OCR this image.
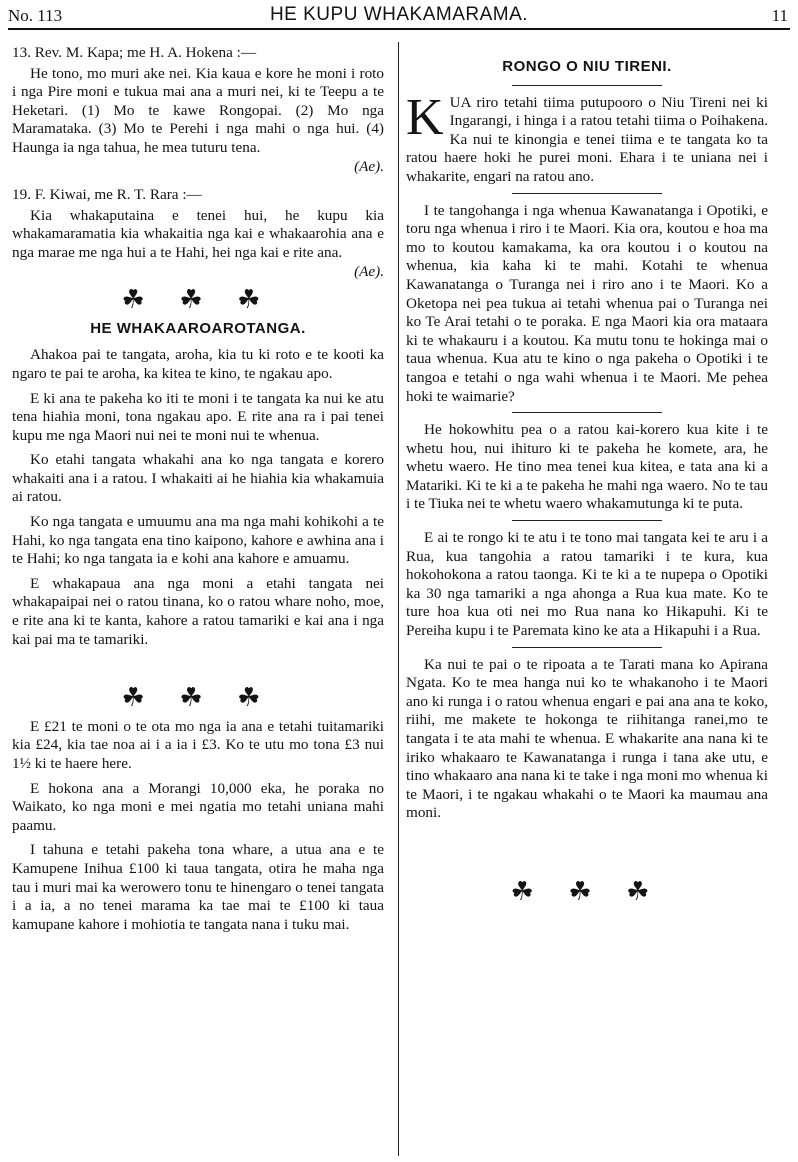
No. 113	HE KUPU WHAKAMARAMA.	11

13. Rev. M. Kapa; me H. A. Hokena :—

He tono, mo muri ake nei. Kia kaua e kore he moni i roto i nga Pire moni e tukua mai ana a muri nei, ki te Teepu a te Heketari. (1) Mo te kawe Rongopai. (2) Mo nga Maramataka. (3) Mo te Perehi i nga mahi o nga hui. (4) Haunga ia nga tahua, he mea tuturu tena.

(Ae).

19. F. Kiwai, me R. T. Rara :—

Kia whakaputaina e tenei hui, he kupu kia whakamaramatia kia whakaitia nga kai e whakaarohia ana e nga marae me nga hui a te Hahi, hei nga kai e rite ana.

(Ae).
☘ ☘ ☘
HE WHAKAAROAROTANGA.

Ahakoa pai te tangata, aroha, kia tu ki roto e te kooti ka ngaro te pai te aroha, ka kitea te kino, te ngakau apo.

E ki ana te pakeha ko iti te moni i te tangata ka nui ke atu tena hiahia moni, tona ngakau apo. E rite ana ra i pai tenei kupu me nga Maori nui nei te moni nui te whenua.

Ko etahi tangata whakahi ana ko nga tangata e korero whakaiti ana i a ratou. I whakaiti ai he hiahia kia whakamuia ai ratou.

Ko nga tangata e umuumu ana ma nga mahi kohikohi a te Hahi, ko nga tangata ena tino kaipono, kahore e awhina ana i te Hahi; ko nga tangata ia e kohi ana kahore e amuamu.

E whakapaua ana nga moni a etahi tangata nei whakapaipai nei o ratou tinana, ko o ratou whare noho, moe, e rite ana ki te kanta, kahore a ratou tamariki e kai ana i nga kai pai ma te tamariki.

☘ ☘ ☘

E £21 te moni o te ota mo nga ia ana e tetahi tuitamariki kia £24, kia tae noa ai i a ia i £3. Ko te utu mo tona £3 nui 1½ ki te haere here.

E hokona ana a Morangi 10,000 eka, he poraka no Waikato, ko nga moni e mei ngatia mo tetahi uniana mahi paamu.

I tahuna e tetahi pakeha tona whare, a utua ana e te Kamupene Inihua £100 ki taua tangata, otira he maha nga tau i muri mai ka werowero tonu te hinengaro o tenei tangata i a ia, a no tenei marama ka tae mai te £100 ki taua kamupane kahore i mohiotia te tangata nana i tuku mai.

RONGO O NIU TIRENI.

KUA riro tetahi tiima putupooro o Niu Tireni nei ki Ingarangi, i hinga i a ratou tetahi tiima o Poihakena. Ka nui te kinongia e tenei tiima e te tangata ko ta ratou haere hoki he purei moni. Ehara i te uniana nei i whakarite, engari na ratou ano.

I te tangohanga i nga whenua Kawanatanga i Opotiki, e toru nga whenua i riro i te Maori. Kia ora, koutou e hoa ma mo to koutou kamakama, ka ora koutou i o koutou na whenua, kia kaha ki te mahi. Kotahi te whenua Kawanatanga o Turanga nei i riro ano i te Maori. Ko a Oketopa nei pea tukua ai tetahi whenua pai o Turanga nei ko Te Arai tetahi o te poraka. E nga Maori kia ora mataara ki te whakauru i a koutou. Ka mutu tonu te hokinga mai o taua whenua. Kua atu te kino o nga pakeha o Opotiki i te tangoa e tetahi o nga wahi whenua i te Maori. Me pehea hoki te waimarie?

He hokowhitu pea o a ratou kai-korero kua kite i te whetu hou, nui ihituro ki te pakeha he komete, ara, he whetu waero. He tino mea tenei kua kitea, e tata ana ki a Matariki. Ki te ki a te pakeha he mahi nga waero. No te tau i te Tiuka nei te whetu waero whakamutunga ki te puta.

E ai te rongo ki te atu i te tono mai tangata kei te aru i a Rua, kua tangohia a ratou tamariki i te kura, kua hokohokona a ratou taonga. Ki te ki a te nupepa o Opotiki ka 30 nga tamariki a nga ahonga a Rua kua mate. Ko te ture hoa kua oti nei mo Rua nana ko Hikapuhi. Ki te Pereiha kupu i te Paremata kino ke ata a Hikapuhi i a Rua.

Ka nui te pai o te ripoata a te Tarati mana ko Apirana Ngata. Ko te mea hanga nui ko te whakanoho i te Maori ano ki runga i o ratou whenua engari e pai ana ana te koko, riihi, me makete te hokonga te riihitanga ranei,mo te tangata i te ata mahi te whenua. E whakarite ana nana ki te iriko whakaaro te Kawanatanga i runga i tana ake utu, e tino whakaaro ana nana ki te take i nga moni mo whenua ki te Maori, i te ngakau whakahi o te Maori ka maumau ana moni.

☘ ☘ ☘
